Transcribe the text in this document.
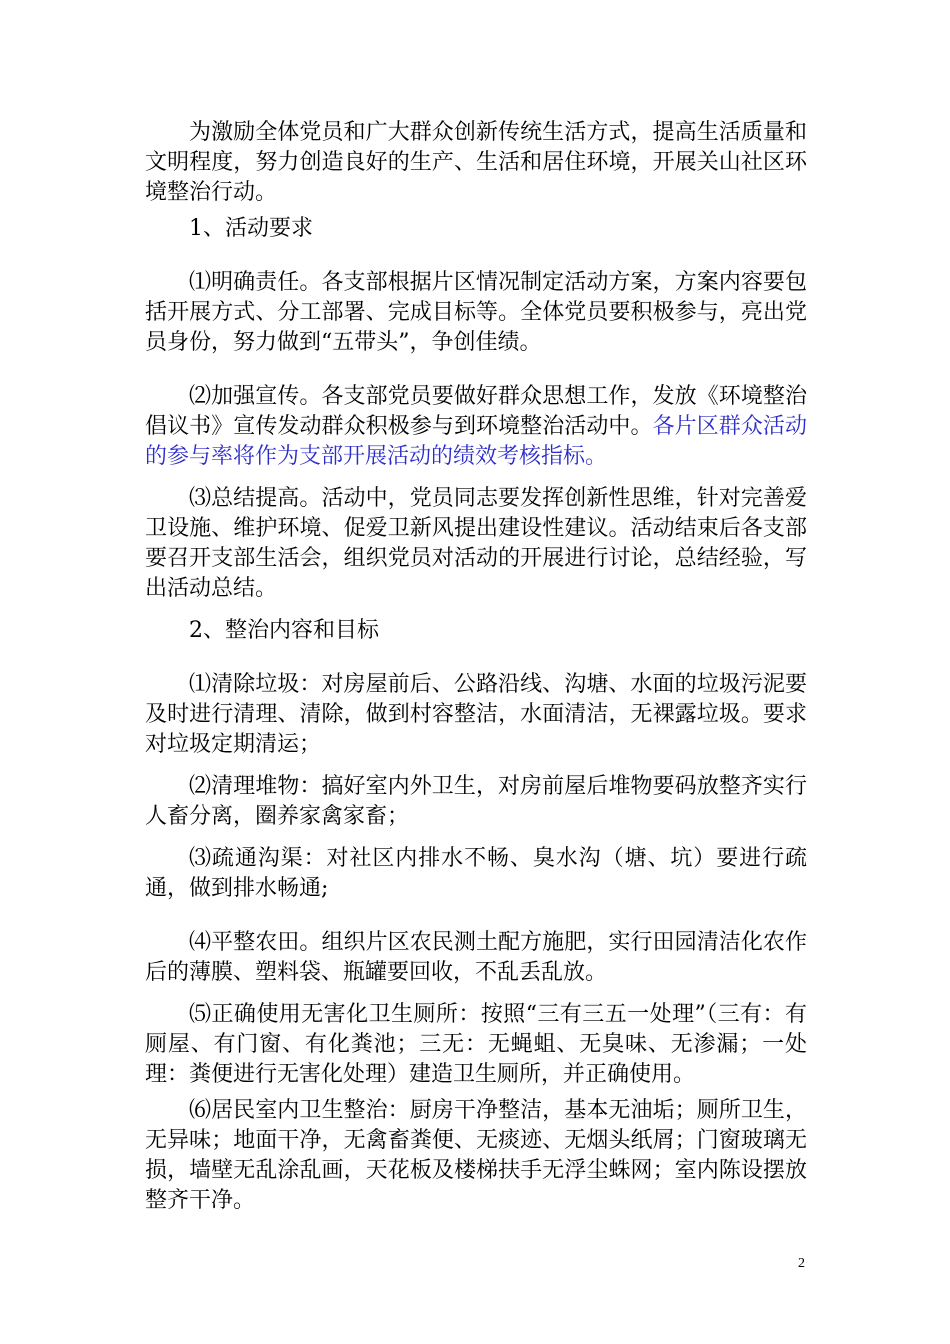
为激励全体党员和广大群众创新传统生活方式，提高生活质量和文明程度，努力创造良好的生产、生活和居住环境，开展关山社区环境整治行动。

1、活动要求

⑴明确责任。各支部根据片区情况制定活动方案，方案内容要包括开展方式、分工部署、完成目标等。全体党员要积极参与，亮出党员身份，努力做到“五带头”，争创佳绩。

⑵加强宣传。各支部党员要做好群众思想工作，发放《环境整治倡议书》宣传发动群众积极参与到环境整治活动中。各片区群众活动的参与率将作为支部开展活动的绩效考核指标。

⑶总结提高。活动中，党员同志要发挥创新性思维，针对完善爱卫设施、维护环境、促爱卫新风提出建设性建议。活动结束后各支部要召开支部生活会，组织党员对活动的开展进行讨论，总结经验，写出活动总结。

2、整治内容和目标

⑴清除垃圾：对房屋前后、公路沿线、沟塘、水面的垃圾污泥要及时进行清理、清除，做到村容整洁，水面清洁，无裸露垃圾。要求对垃圾定期清运；

⑵清理堆物：搞好室内外卫生，对房前屋后堆物要码放整齐实行人畜分离，圈养家禽家畜；

⑶疏通沟渠：对社区内排水不畅、臭水沟（塘、坑）要进行疏通，做到排水畅通;

⑷平整农田。组织片区农民测土配方施肥，实行田园清洁化农作后的薄膜、塑料袋、瓶罐要回收，不乱丢乱放。

⑸正确使用无害化卫生厕所：按照“三有三五一处理”（三有：有厕屋、有门窗、有化粪池；三无：无蝇蛆、无臭味、无渗漏；一处理：粪便进行无害化处理）建造卫生厕所，并正确使用。

⑹居民室内卫生整治：厨房干净整洁，基本无油垢；厕所卫生，无异味；地面干净，无禽畜粪便、无痰迹、无烟头纸屑；门窗玻璃无损，墙壁无乱涂乱画，天花板及楼梯扶手无浮尘蛛网；室内陈设摆放整齐干净。

2
